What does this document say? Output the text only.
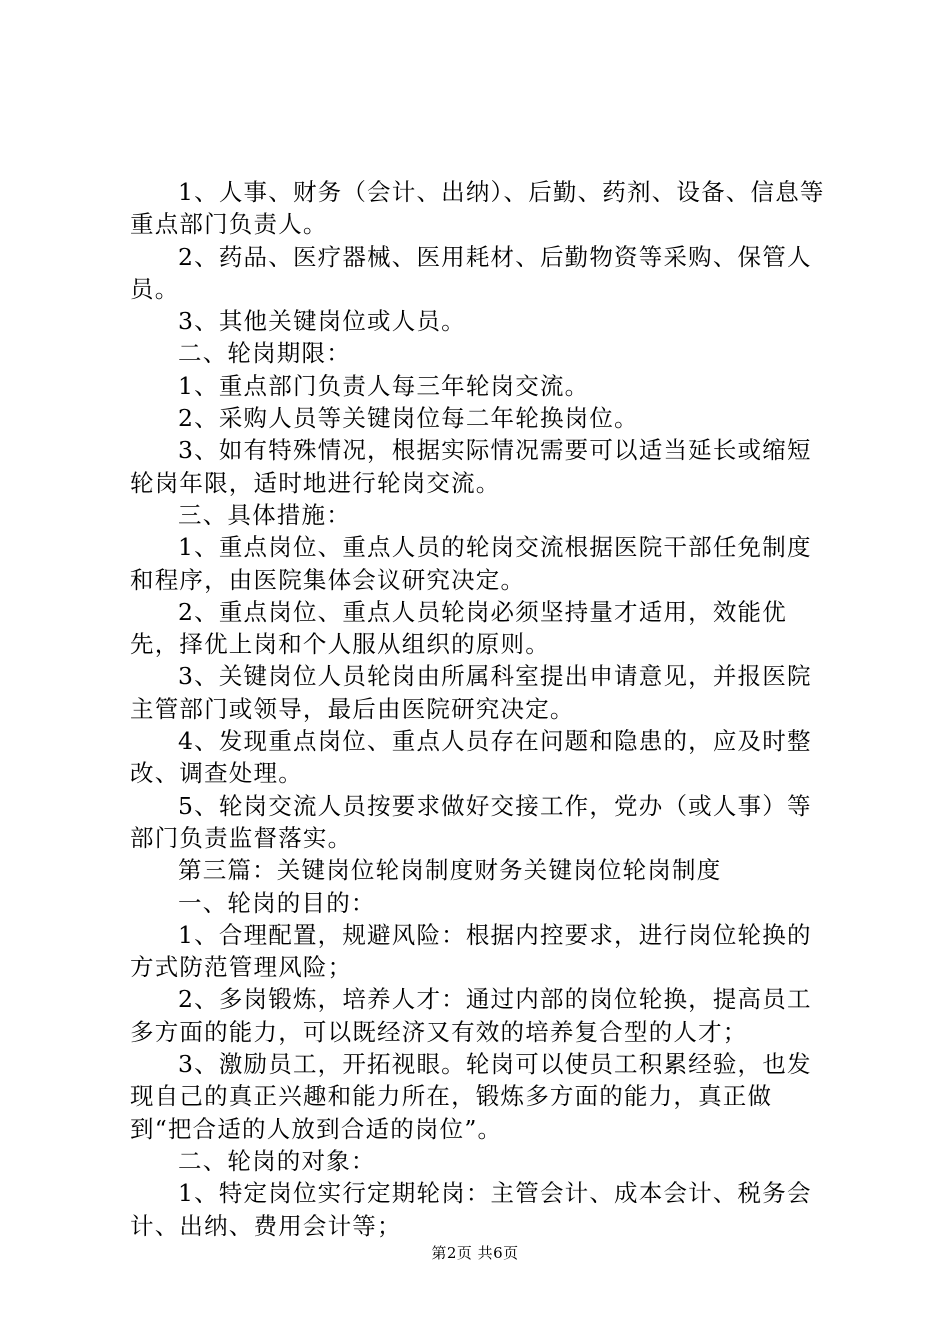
1、人事、财务（会计、出纳）、后勤、药剂、设备、信息等重点部门负责人。

2、药品、医疗器械、医用耗材、后勤物资等采购、保管人员。

3、其他关键岗位或人员。

二、轮岗期限：

1、重点部门负责人每三年轮岗交流。

2、采购人员等关键岗位每二年轮换岗位。

3、如有特殊情况，根据实际情况需要可以适当延长或缩短轮岗年限，适时地进行轮岗交流。

三、具体措施：

1、重点岗位、重点人员的轮岗交流根据医院干部任免制度和程序，由医院集体会议研究决定。

2、重点岗位、重点人员轮岗必须坚持量才适用，效能优先，择优上岗和个人服从组织的原则。

3、关键岗位人员轮岗由所属科室提出申请意见，并报医院主管部门或领导，最后由医院研究决定。

4、发现重点岗位、重点人员存在问题和隐患的，应及时整改、调查处理。

5、轮岗交流人员按要求做好交接工作，党办（或人事）等部门负责监督落实。

第三篇：关键岗位轮岗制度财务关键岗位轮岗制度

一、轮岗的目的：

1、合理配置，规避风险：根据内控要求，进行岗位轮换的方式防范管理风险；

2、多岗锻炼，培养人才：通过内部的岗位轮换，提高员工多方面的能力，可以既经济又有效的培养复合型的人才；

3、激励员工，开拓视眼。轮岗可以使员工积累经验，也发现自己的真正兴趣和能力所在，锻炼多方面的能力，真正做到“把合适的人放到合适的岗位”。

二、轮岗的对象：

1、特定岗位实行定期轮岗：主管会计、成本会计、税务会计、出纳、费用会计等；

第2页 共6页
